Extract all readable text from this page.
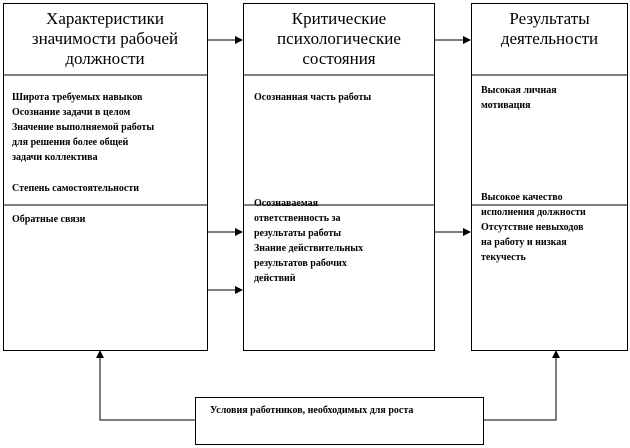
Характеристики значимости рабочей должности
Широта требуемых навыков
Осознание задачи в целом
Значение выполняемой работы
для решения более общей
задачи коллектива
Степень самостоятельности
Обратные связи
Критические психологические состояния
Осознанная часть работы
Осознаваемая
ответственность за
результаты работы
Знание действительных
результатов рабочих
действий
Результаты деятельности
Высокая личная
мотивация
Высокое качество
исполнения должности
Отсутствие невыходов
на работу и низкая
текучесть
Условия работников, необходимых для роста
